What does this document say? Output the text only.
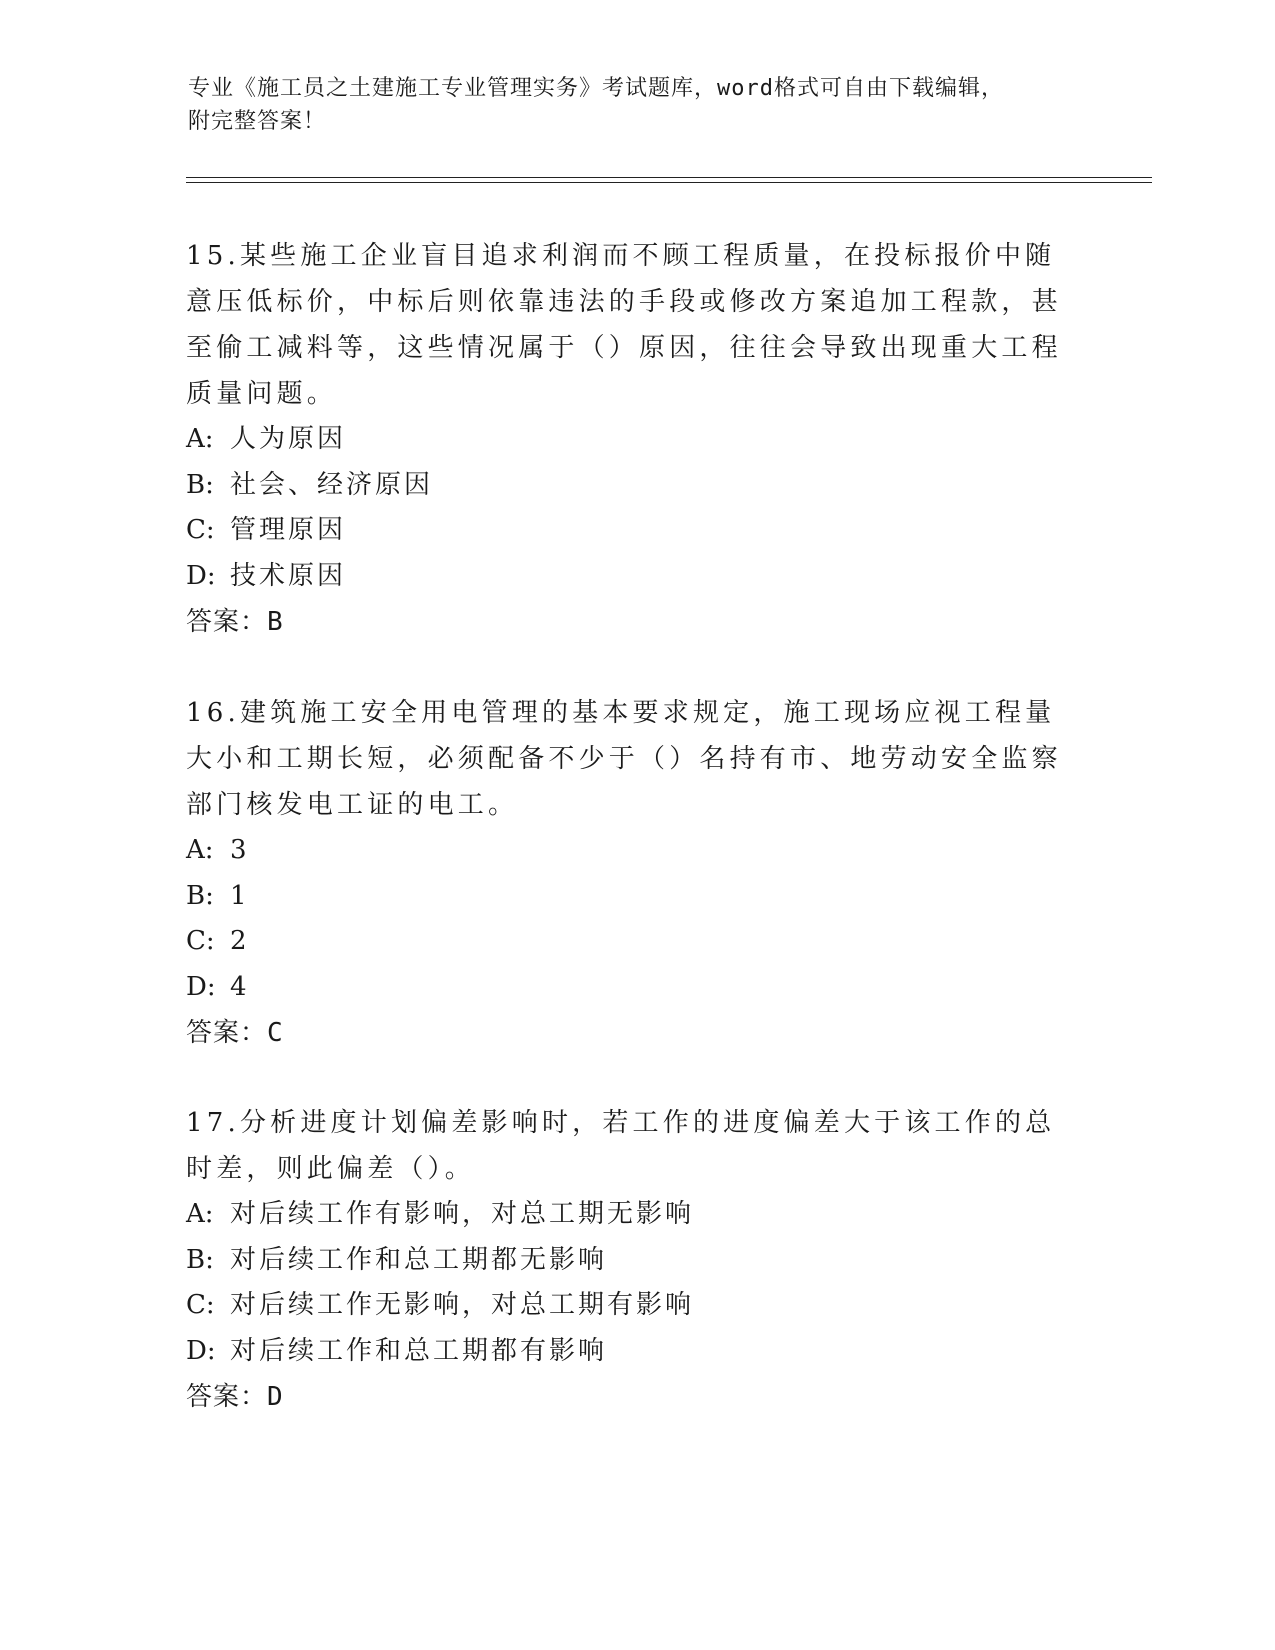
专业《施工员之土建施工专业管理实务》考试题库，word格式可自由下载编辑，
附完整答案！

15.某些施工企业盲目追求利润而不顾工程质量，在投标报价中随意压低标价，中标后则依靠违法的手段或修改方案追加工程款，甚至偷工减料等，这些情况属于（）原因，往往会导致出现重大工程质量问题。

A: 人为原因
B: 社会、经济原因
C: 管理原因
D: 技术原因
答案：B

16.建筑施工安全用电管理的基本要求规定，施工现场应视工程量大小和工期长短，必须配备不少于（）名持有市、地劳动安全监察部门核发电工证的电工。

A: 3
B: 1
C: 2
D: 4
答案：C

17.分析进度计划偏差影响时，若工作的进度偏差大于该工作的总时差，则此偏差（）。

A: 对后续工作有影响，对总工期无影响
B: 对后续工作和总工期都无影响
C: 对后续工作无影响，对总工期有影响
D: 对后续工作和总工期都有影响
答案：D
